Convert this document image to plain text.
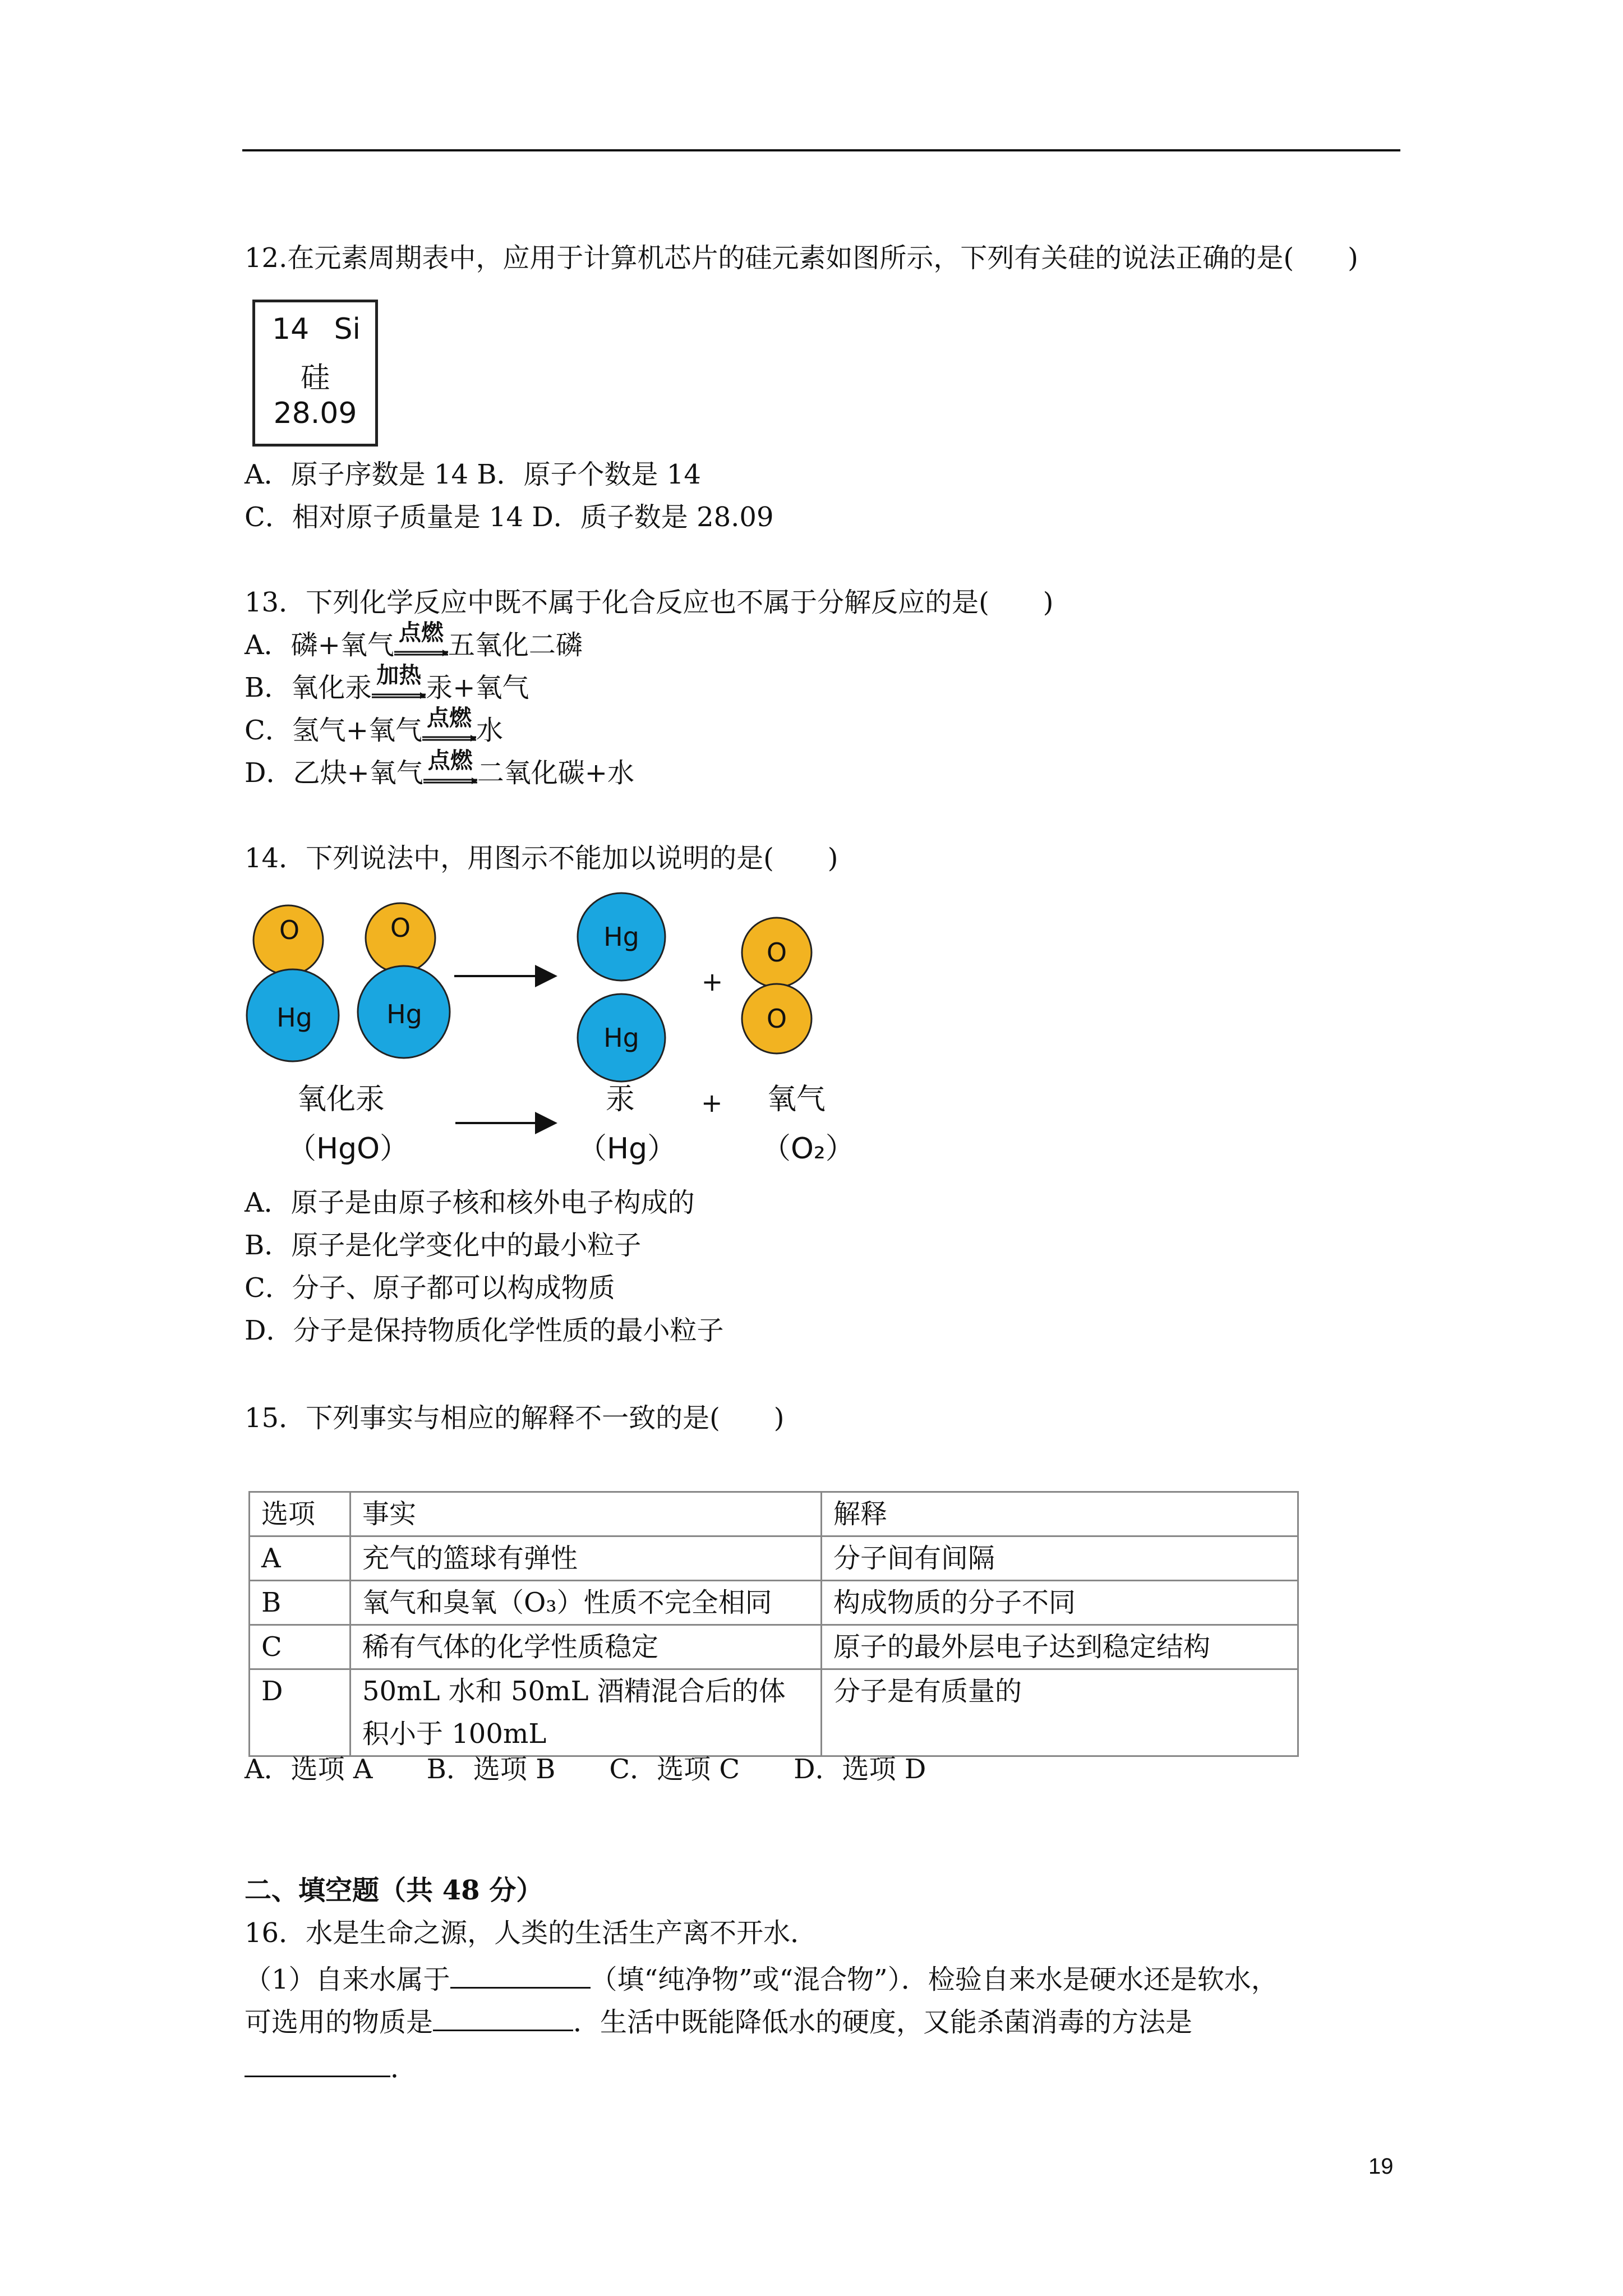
12.在元素周期表中，应用于计算机芯片的硅元素如图所示，下列有关硅的说法正确的是(　　)
14 Si
硅
28.09
A．原子序数是 14 B．原子个数是 14
C．相对原子质量是 14 D．质子数是 28.09
13．下列化学反应中既不属于化合反应也不属于分解反应的是(　　)
A．磷+氧气 点燃 五氧化二磷
B．氧化汞 加热 汞+氧气
C．氢气+氧气 点燃 水
D．乙炔+氧气 点燃 二氧化碳+水
14．下列说法中，用图示不能加以说明的是(　　)
O
Hg
O
Hg
Hg
Hg
+
O
O
氧化汞
（HgO）
汞
（Hg）
+ 氧气
（O₂）
A．原子是由原子核和核外电子构成的
B．原子是化学变化中的最小粒子
C．分子、原子都可以构成物质
D．分子是保持物质化学性质的最小粒子
15．下列事实与相应的解释不一致的是(　　)
选项	事实	解释
A	充气的篮球有弹性	分子间有间隔
B	氧气和臭氧（O₃）性质不完全相同	构成物质的分子不同
C	稀有气体的化学性质稳定	原子的最外层电子达到稳定结构
D	50mL 水和 50mL 酒精混合后的体积小于 100mL	分子是有质量的
A．选项 A　　B．选项 B　　C．选项 C　　D．选项 D
二、填空题（共 48 分）
16．水是生命之源，人类的生活生产离不开水．
（1）自来水属于	（填“纯净物”或“混合物”）．检验自来水是硬水还是软水，
可选用的物质是	．生活中既能降低水的硬度，又能杀菌消毒的方法是
．
19
